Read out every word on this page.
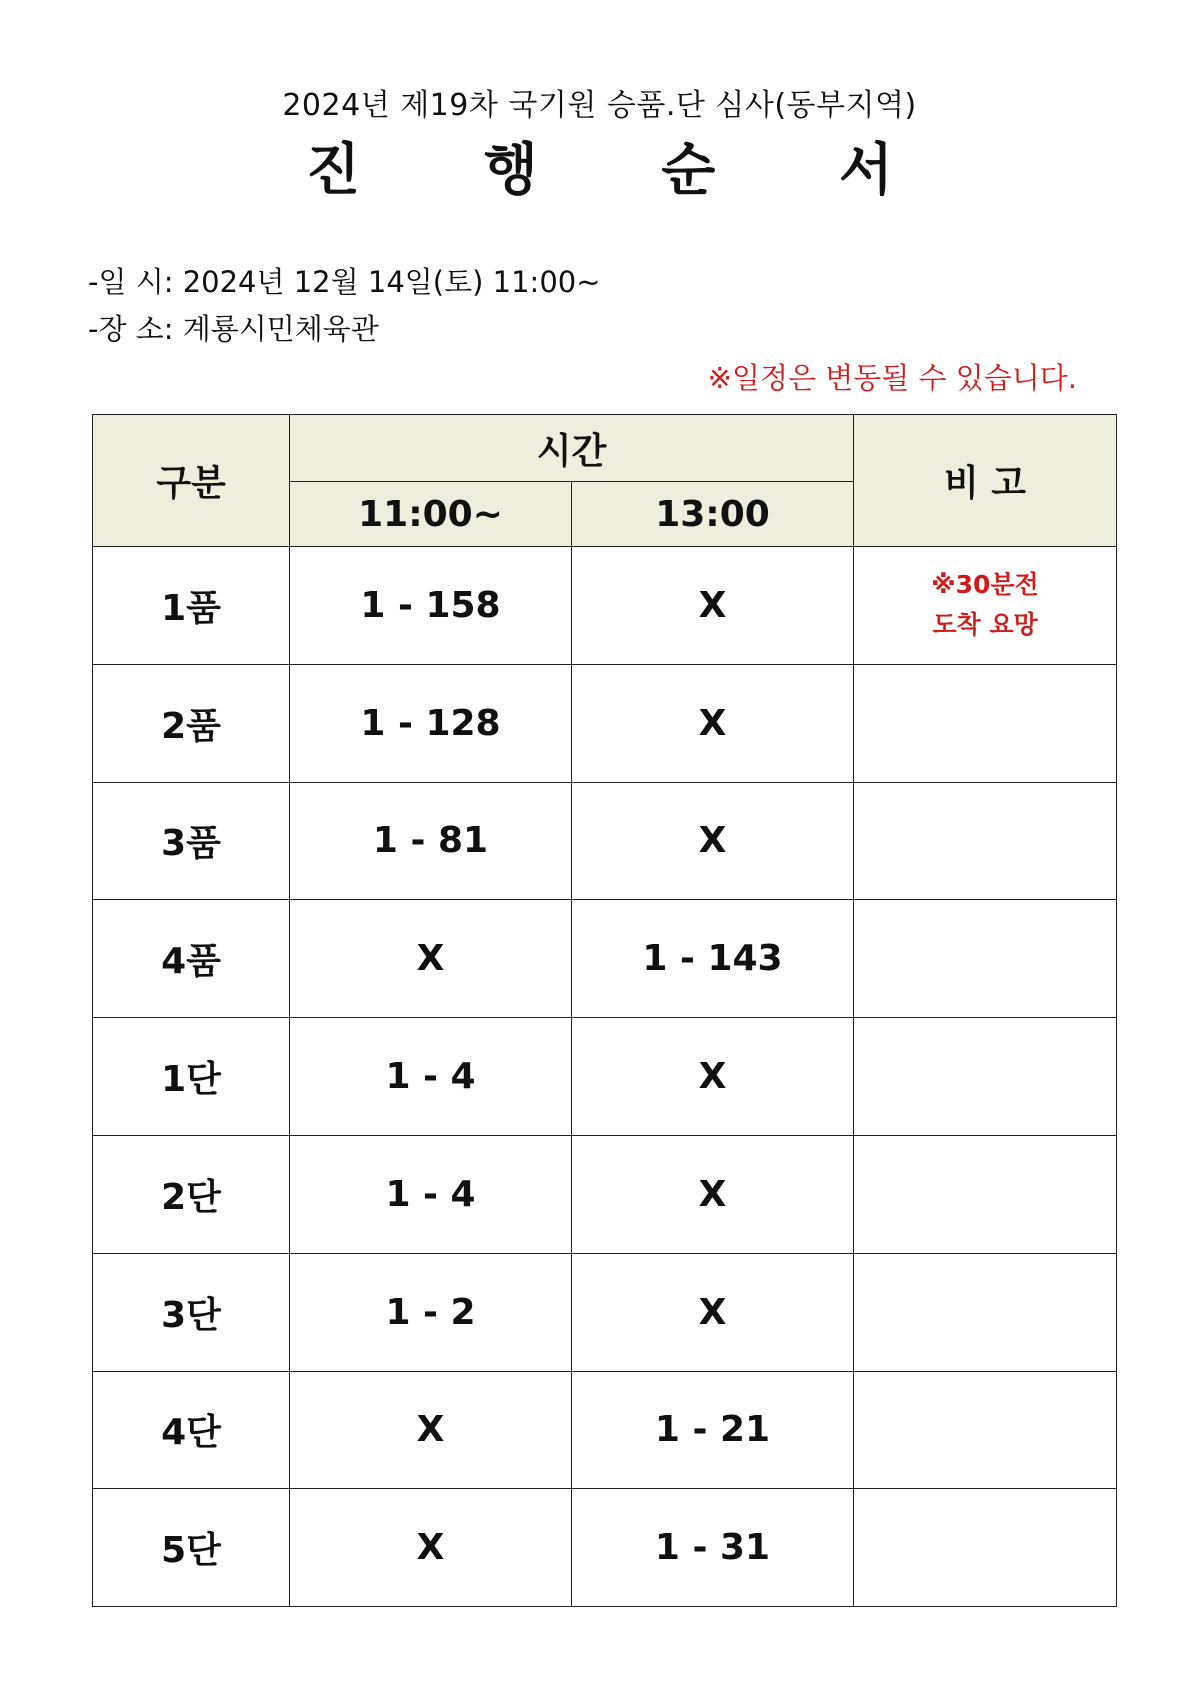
2024년 제19차 국기원 승품.단 심사(동부지역)
진 행 순 서
-일 시: 2024년 12월 14일(토) 11:00~
-장 소: 계룡시민체육관
※일정은 변동될 수 있습니다.
구분	시간		비 고
	11:00~	13:00	
1품	1 - 158	X	※30분전
도착 요망

2품	1 - 128	X	

3품	1 - 81	X	

4품	X	1 - 143	

1단	1 - 4	X	

2단	1 - 4	X	

3단	1 - 2	X	

4단	X	1 - 21	

5단	X	1 - 31	
